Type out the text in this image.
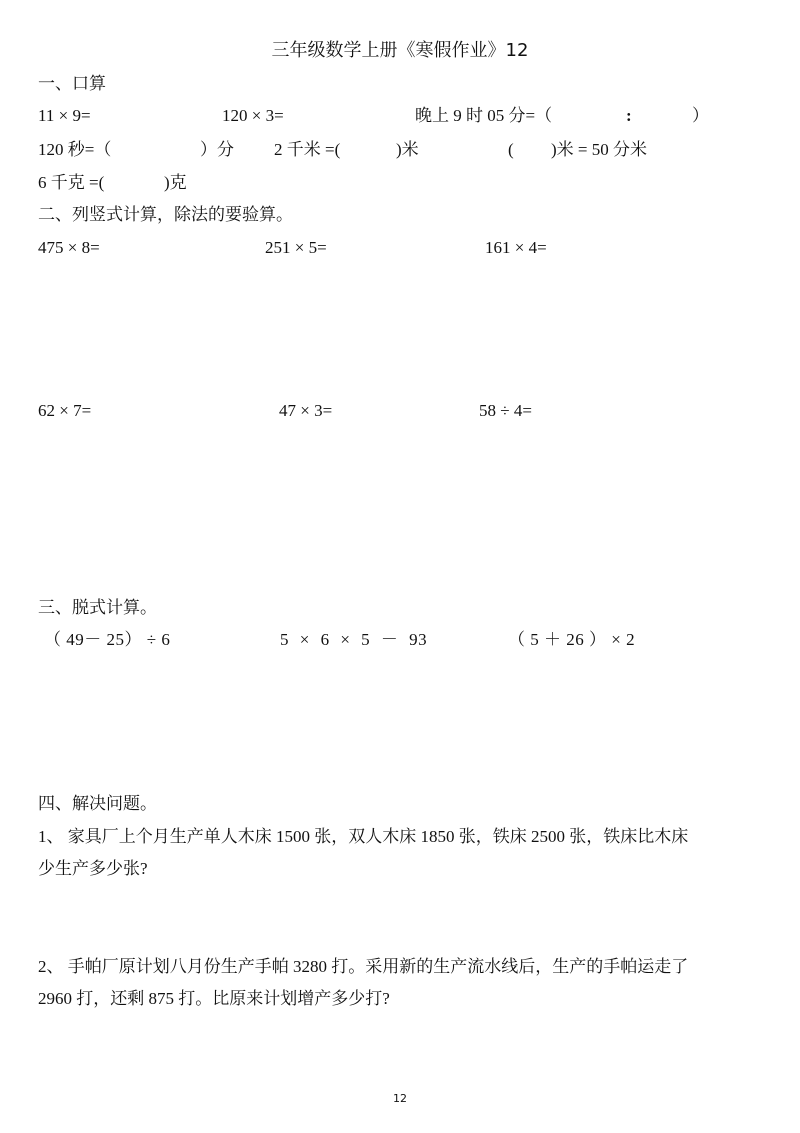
三年级数学上册《寒假作业》12
一、口算
11 × 9=	120 × 3=	晚上 9 时 05 分=（	:	）
120 秒=（	）分 2 千米 =(	)米	( )米 = 50 分米
6 千克 =(	)克
二、列竖式计算，除法的要验算。
475 × 8=	251 × 5=	161 × 4=
62 × 7=	47 × 3=	58 ÷ 4=
三、脱式计算。
（ 49－ 25） ÷ 6	5 × 6 × 5 － 93	（ 5 ＋ 26 ） × 2
四、解决问题。
1、 家具厂上个月生产单人木床 1500 张，双人木床 1850 张，铁床 2500 张，铁床比木床
少生产多少张?
2、 手帕厂原计划八月份生产手帕 3280 打。采用新的生产流水线后，生产的手帕运走了
2960 打，还剩 875 打。比原来计划增产多少打?
12
